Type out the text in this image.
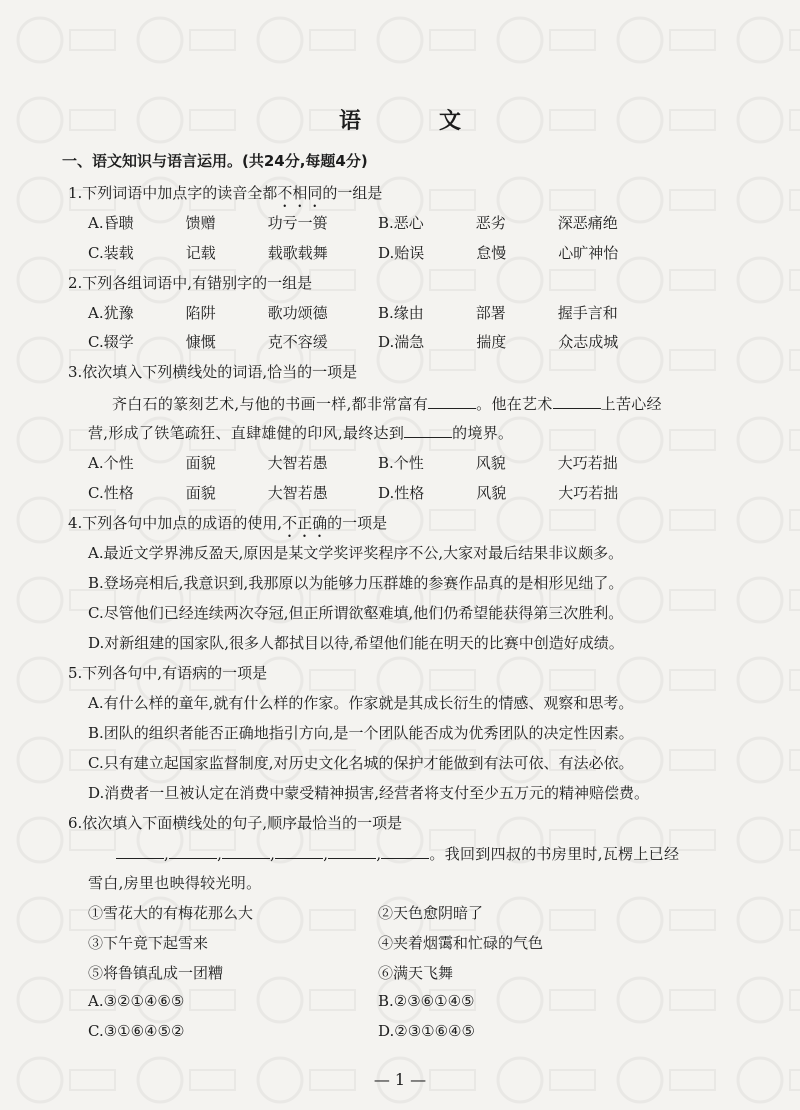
语　文
一、语文知识与语言运用。(共24分,每题4分)
1.下列词语中加点字的读音全都不相同的一组是
A.昏聩	馈赠	功亏一篑	B.恶心	恶劣	深恶痛绝
C.装载	记载	载歌载舞	D.贻误	怠慢	心旷神怡
2.下列各组词语中,有错别字的一组是
A.犹豫	陷阱	歌功颂德	B.缘由	部署	握手言和
C.辍学	慷慨	克不容缓	D.湍急	揣度	众志成城
3.依次填入下列横线处的词语,恰当的一项是
齐白石的篆刻艺术,与他的书画一样,都非常富有	。他在艺术	上苦心经
营,形成了铁笔疏狂、直肆雄健的印风,最终达到	的境界。
A.个性	面貌	大智若愚	B.个性	风貌	大巧若拙
C.性格	面貌	大智若愚	D.性格	风貌	大巧若拙
4.下列各句中加点的成语的使用,不正确的一项是
A.最近文学界沸反盈天,原因是某文学奖评奖程序不公,大家对最后结果非议颇多。
B.登场亮相后,我意识到,我那原以为能够力压群雄的参赛作品真的是相形见绌了。
C.尽管他们已经连续两次夺冠,但正所谓欲壑难填,他们仍希望能获得第三次胜利。
D.对新组建的国家队,很多人都拭目以待,希望他们能在明天的比赛中创造好成绩。
5.下列各句中,有语病的一项是
A.有什么样的童年,就有什么样的作家。作家就是其成长衍生的情感、观察和思考。
B.团队的组织者能否正确地指引方向,是一个团队能否成为优秀团队的决定性因素。
C.只有建立起国家监督制度,对历史文化名城的保护才能做到有法可依、有法必依。
D.消费者一旦被认定在消费中蒙受精神损害,经营者将支付至少五万元的精神赔偿费。
6.依次填入下面横线处的句子,顺序最恰当的一项是
,	,	,	,	,	。我回到四叔的书房里时,瓦楞上已经
雪白,房里也映得较光明。
①雪花大的有梅花那么大	②天色愈阴暗了
③下午竟下起雪来	④夹着烟霭和忙碌的气色
⑤将鲁镇乱成一团糟	⑥满天飞舞
A.③②①④⑥⑤	B.②③⑥①④⑤
C.③①⑥④⑤②	D.②③①⑥④⑤
— 1 —
